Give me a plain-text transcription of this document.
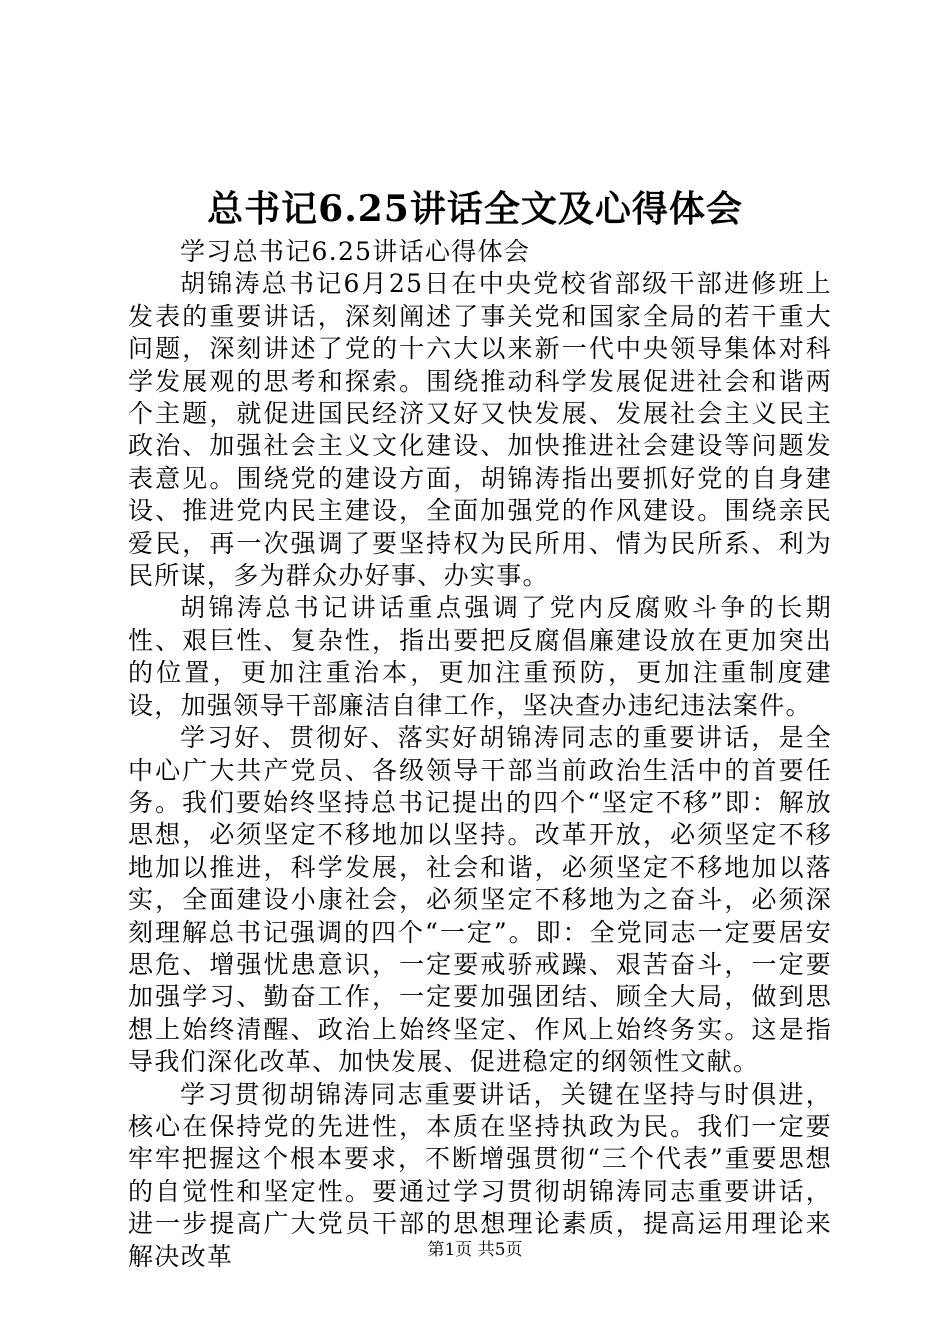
总书记6.25讲话全文及心得体会

学习总书记6.25讲话心得体会

胡锦涛总书记6月25日在中央党校省部级干部进修班上发表的重要讲话，深刻阐述了事关党和国家全局的若干重大问题，深刻讲述了党的十六大以来新一代中央领导集体对科学发展观的思考和探索。围绕推动科学发展促进社会和谐两个主题，就促进国民经济又好又快发展、发展社会主义民主政治、加强社会主义文化建设、加快推进社会建设等问题发表意见。围绕党的建设方面，胡锦涛指出要抓好党的自身建设、推进党内民主建设，全面加强党的作风建设。围绕亲民爱民，再一次强调了要坚持权为民所用、情为民所系、利为民所谋，多为群众办好事、办实事。

胡锦涛总书记讲话重点强调了党内反腐败斗争的长期性、艰巨性、复杂性，指出要把反腐倡廉建设放在更加突出的位置，更加注重治本，更加注重预防，更加注重制度建设，加强领导干部廉洁自律工作，坚决查办违纪违法案件。

学习好、贯彻好、落实好胡锦涛同志的重要讲话，是全中心广大共产党员、各级领导干部当前政治生活中的首要任务。我们要始终坚持总书记提出的四个“坚定不移”即：解放思想，必须坚定不移地加以坚持。改革开放，必须坚定不移地加以推进，科学发展，社会和谐，必须坚定不移地加以落实，全面建设小康社会，必须坚定不移地为之奋斗，必须深刻理解总书记强调的四个“一定”。即：全党同志一定要居安思危、增强忧患意识，一定要戒骄戒躁、艰苦奋斗，一定要加强学习、勤奋工作，一定要加强团结、顾全大局，做到思想上始终清醒、政治上始终坚定、作风上始终务实。这是指导我们深化改革、加快发展、促进稳定的纲领性文献。

学习贯彻胡锦涛同志重要讲话，关键在坚持与时俱进，核心在保持党的先进性，本质在坚持执政为民。我们一定要牢牢把握这个根本要求，不断增强贯彻“三个代表”重要思想的自觉性和坚定性。要通过学习贯彻胡锦涛同志重要讲话，进一步提高广大党员干部的思想理论素质，提高运用理论来解决改革	第1页 共5页
